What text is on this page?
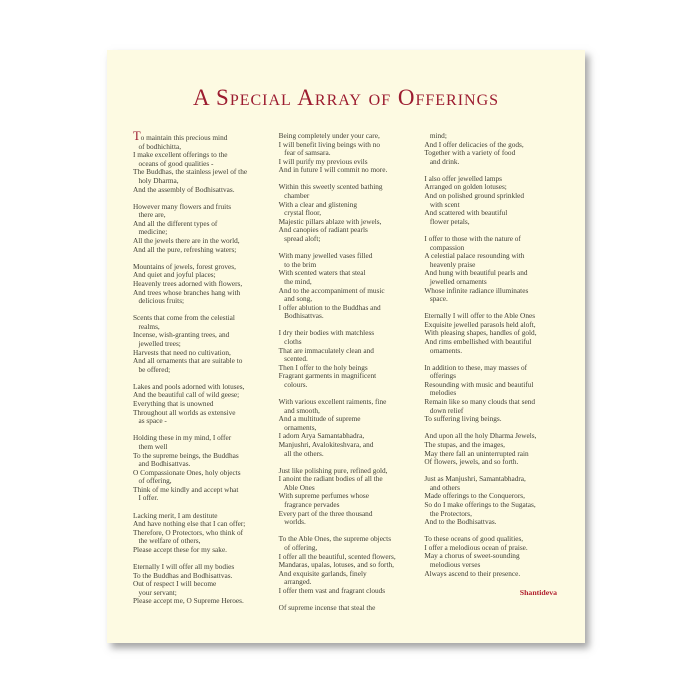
A Special Array of Offerings

To maintain this precious mind
of bodhichitta,
I make excellent offerings to the
oceans of good qualities -
The Buddhas, the stainless jewel of the
holy Dharma,
And the assembly of Bodhisattvas.

However many flowers and fruits
there are,
And all the different types of
medicine;
All the jewels there are in the world,
And all the pure, refreshing waters;

Mountains of jewels, forest groves,
And quiet and joyful places;
Heavenly trees adorned with flowers,
And trees whose branches hang with
delicious fruits;

Scents that come from the celestial
realms,
Incense, wish-granting trees, and
jewelled trees;
Harvests that need no cultivation,
And all ornaments that are suitable to
be offered;

Lakes and pools adorned with lotuses,
And the beautiful call of wild geese;
Everything that is unowned
Throughout all worlds as extensive
as space -

Holding these in my mind, I offer
them well
To the supreme beings, the Buddhas
and Bodhisattvas.
O Compassionate Ones, holy objects
of offering,
Think of me kindly and accept what
I offer.

Lacking merit, I am destitute
And have nothing else that I can offer;
Therefore, O Protectors, who think of
the welfare of others,
Please accept these for my sake.

Eternally I will offer all my bodies
To the Buddhas and Bodhisattvas.
Out of respect I will become
your servant;
Please accept me, O Supreme Heroes.

Being completely under your care,
I will benefit living beings with no
fear of samsara.
I will purify my previous evils
And in future I will commit no more.

Within this sweetly scented bathing
chamber
With a clear and glistening
crystal floor,
Majestic pillars ablaze with jewels,
And canopies of radiant pearls
spread aloft;

With many jewelled vases filled
to the brim
With scented waters that steal
the mind,
And to the accompaniment of music
and song,
I offer ablution to the Buddhas and
Bodhisattvas.

I dry their bodies with matchless
cloths
That are immaculately clean and
scented.
Then I offer to the holy beings
Fragrant garments in magnificent
colours.

With various excellent raiments, fine
and smooth,
And a multitude of supreme
ornaments,
I adorn Arya Samantabhadra,
Manjushri, Avalokiteshvara, and
all the others.

Just like polishing pure, refined gold,
I anoint the radiant bodies of all the
Able Ones
With supreme perfumes whose
fragrance pervades
Every part of the three thousand
worlds.

To the Able Ones, the supreme objects
of offering,
I offer all the beautiful, scented flowers,
Mandaras, upalas, lotuses, and so forth,
And exquisite garlands, finely
arranged.
I offer them vast and fragrant clouds

Of supreme incense that steal the

mind;
And I offer delicacies of the gods,
Together with a variety of food
and drink.

I also offer jewelled lamps
Arranged on golden lotuses;
And on polished ground sprinkled
with scent
And scattered with beautiful
flower petals,

I offer to those with the nature of
compassion
A celestial palace resounding with
heavenly praise
And hung with beautiful pearls and
jewelled ornaments
Whose infinite radiance illuminates
space.

Eternally I will offer to the Able Ones
Exquisite jewelled parasols held aloft,
With pleasing shapes, handles of gold,
And rims embellished with beautiful
ornaments.

In addition to these, may masses of
offerings
Resounding with music and beautiful
melodies
Remain like so many clouds that send
down relief
To suffering living beings.

And upon all the holy Dharma Jewels,
The stupas, and the images,
May there fall an uninterrupted rain
Of flowers, jewels, and so forth.

Just as Manjushri, Samantabhadra,
and others
Made offerings to the Conquerors,
So do I make offerings to the Sugatas,
the Protectors,
And to the Bodhisattvas.

To these oceans of good qualities,
I offer a melodious ocean of praise.
May a chorus of sweet-sounding
melodious verses
Always ascend to their presence.

Shantideva
